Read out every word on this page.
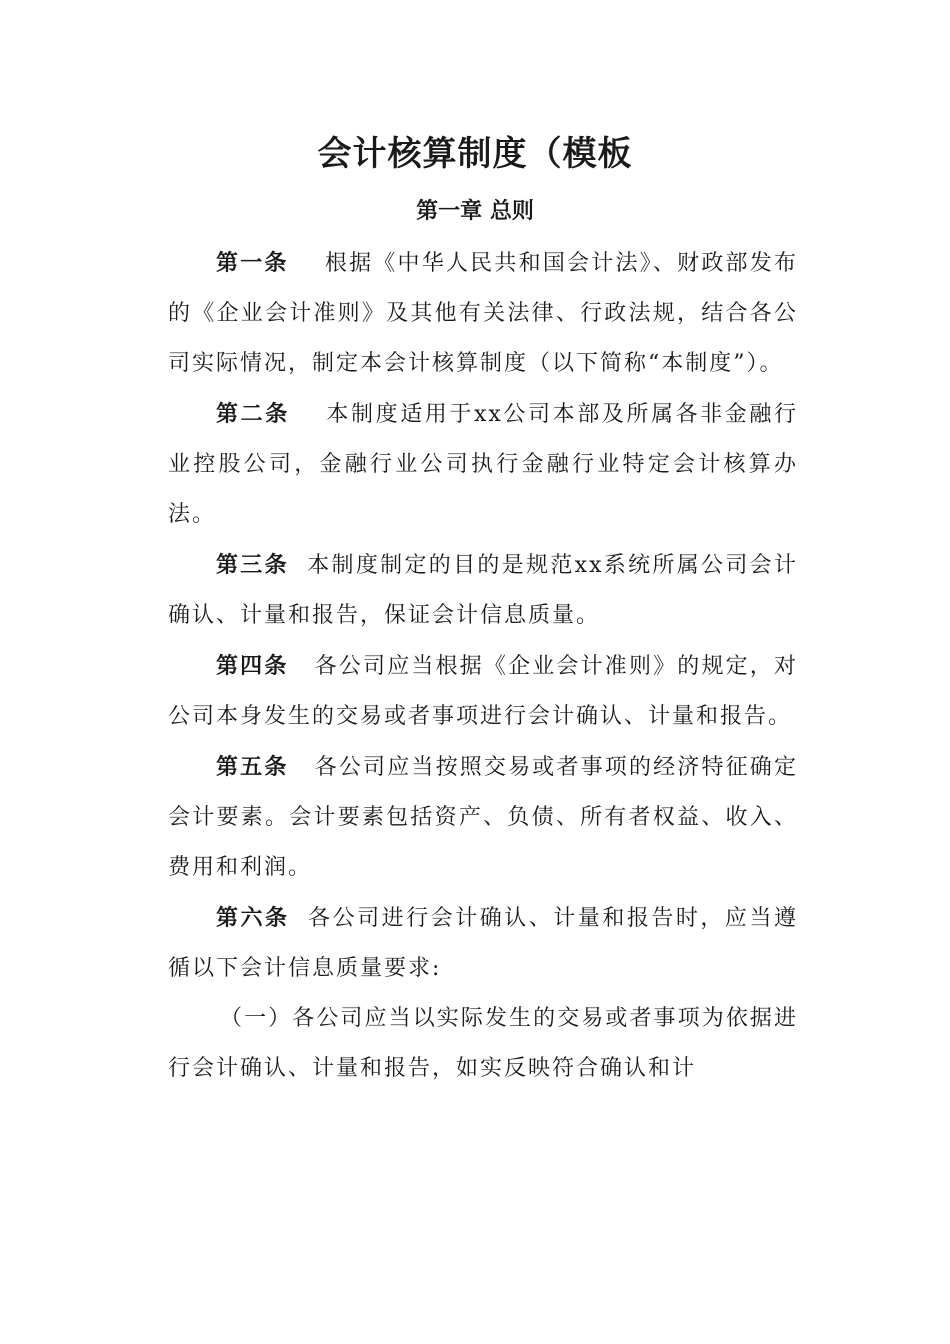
会计核算制度（模板
第一章 总则

第一条 根据《中华人民共和国会计法》、财政部发布的《企业会计准则》及其他有关法律、行政法规，结合各公司实际情况，制定本会计核算制度（以下简称“本制度”）。

第二条 本制度适用于xx公司本部及所属各非金融行业控股公司，金融行业公司执行金融行业特定会计核算办法。

第三条 本制度制定的目的是规范xx系统所属公司会计确认、计量和报告，保证会计信息质量。

第四条 各公司应当根据《企业会计准则》的规定，对公司本身发生的交易或者事项进行会计确认、计量和报告。

第五条 各公司应当按照交易或者事项的经济特征确定会计要素。会计要素包括资产、负债、所有者权益、收入、费用和利润。

第六条 各公司进行会计确认、计量和报告时，应当遵循以下会计信息质量要求:

（一）各公司应当以实际发生的交易或者事项为依据进行会计确认、计量和报告，如实反映符合确认和计
